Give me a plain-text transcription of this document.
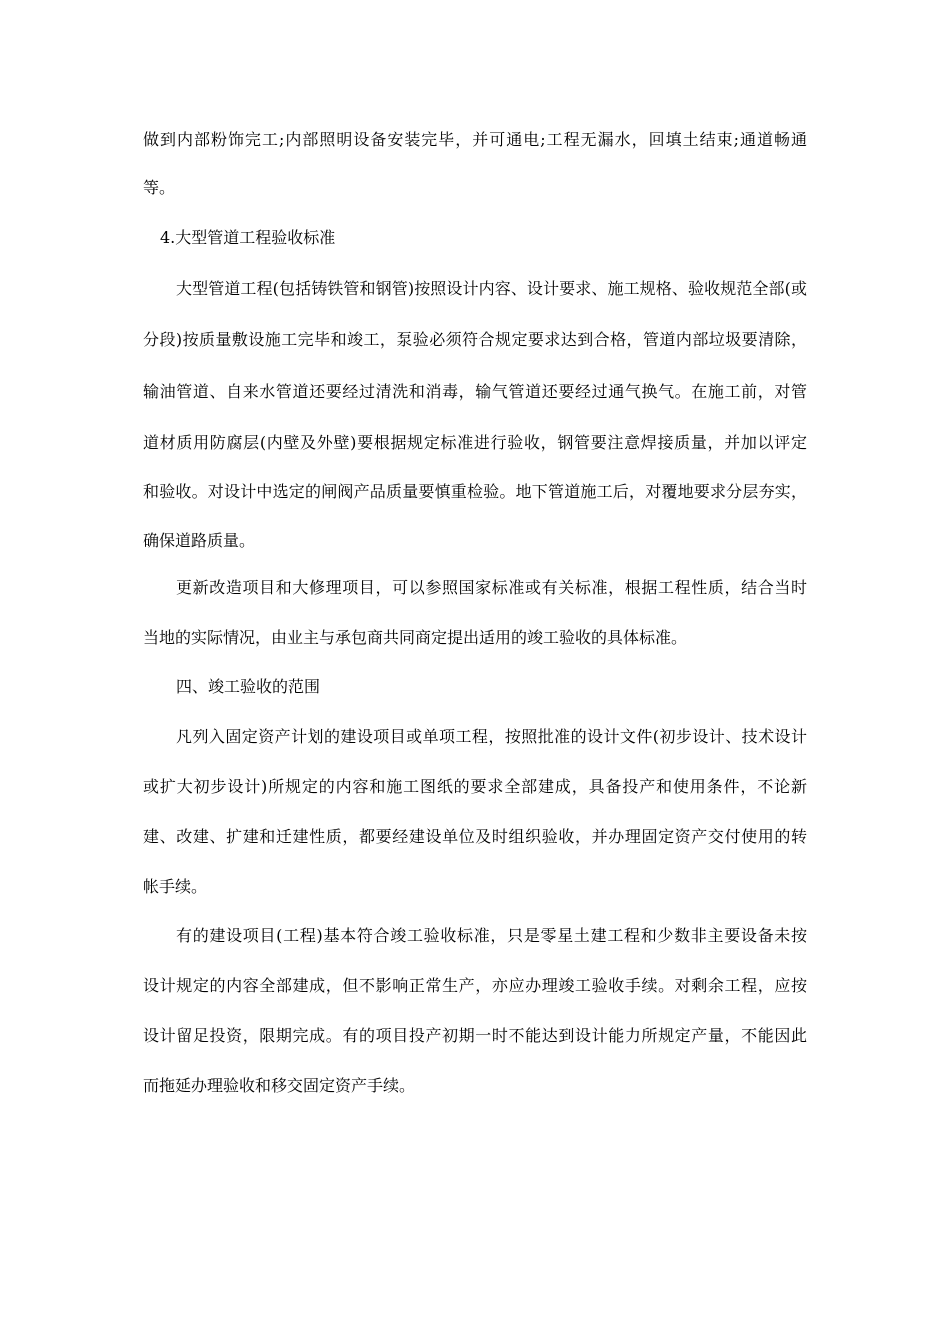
做到内部粉饰完工;内部照明设备安装完毕，并可通电;工程无漏水，回填土结束;通道畅通

等。

4.大型管道工程验收标准

大型管道工程(包括铸铁管和钢管)按照设计内容、设计要求、施工规格、验收规范全部(或

分段)按质量敷设施工完毕和竣工，泵验必须符合规定要求达到合格，管道内部垃圾要清除，

输油管道、自来水管道还要经过清洗和消毒，输气管道还要经过通气换气。在施工前，对管

道材质用防腐层(内壁及外壁)要根据规定标准进行验收，钢管要注意焊接质量，并加以评定

和验收。对设计中选定的闸阀产品质量要慎重检验。地下管道施工后，对覆地要求分层夯实，

确保道路质量。

更新改造项目和大修理项目，可以参照国家标准或有关标准，根据工程性质，结合当时

当地的实际情况，由业主与承包商共同商定提出适用的竣工验收的具体标准。

四、竣工验收的范围

凡列入固定资产计划的建设项目或单项工程，按照批准的设计文件(初步设计、技术设计

或扩大初步设计)所规定的内容和施工图纸的要求全部建成，具备投产和使用条件，不论新

建、改建、扩建和迁建性质，都要经建设单位及时组织验收，并办理固定资产交付使用的转

帐手续。

有的建设项目(工程)基本符合竣工验收标准，只是零星土建工程和少数非主要设备未按

设计规定的内容全部建成，但不影响正常生产，亦应办理竣工验收手续。对剩余工程，应按

设计留足投资，限期完成。有的项目投产初期一时不能达到设计能力所规定产量，不能因此

而拖延办理验收和移交固定资产手续。
